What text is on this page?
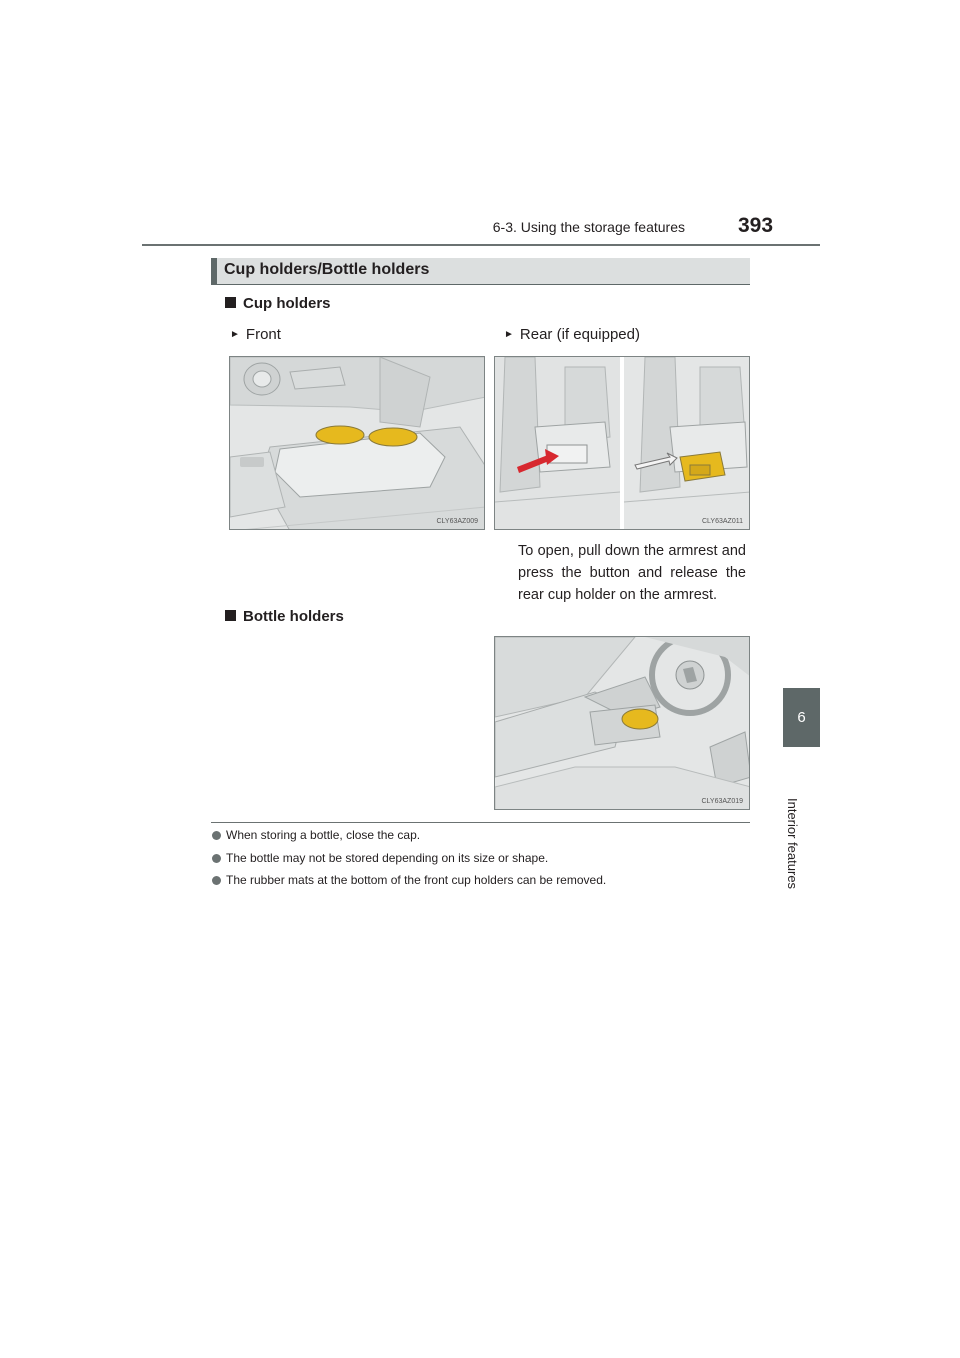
6-3. Using the storage features	393
6
Interior features
Cup holders/Bottle holders
Cup holders
► Front	► Rear (if equipped)
CLY63AZ009	CLY63AZ011
To open, pull down the armrest and press the button and release the rear cup holder on the armrest.
Bottle holders
CLY63AZ019
When storing a bottle, close the cap.
The bottle may not be stored depending on its size or shape.
The rubber mats at the bottom of the front cup holders can be removed.
